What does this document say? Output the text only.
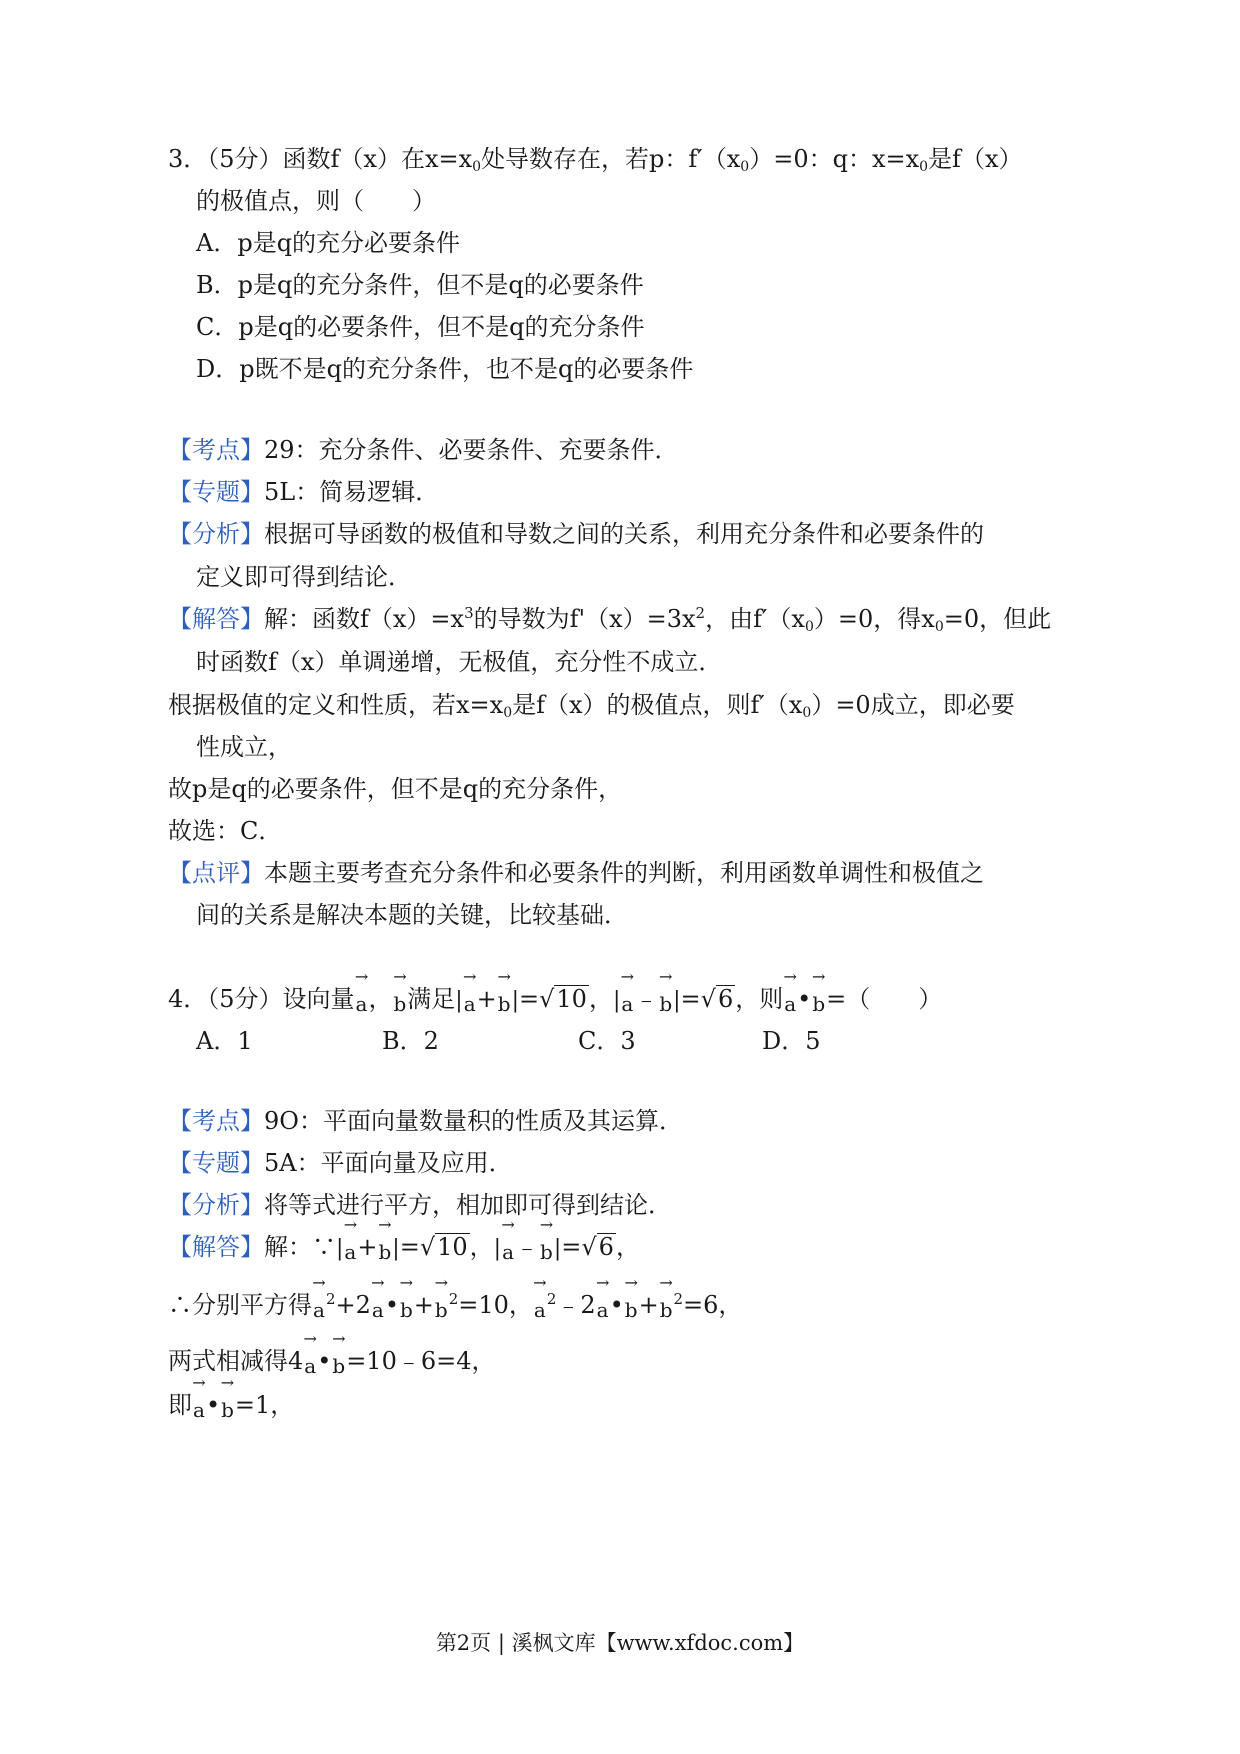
3．（5分）函数f（x）在$x=x_0$处导数存在，若p：$f'(x_0)=0$：q：$x=x_0$是f（x）
的极值点，则（　　）
A．p是q的充分必要条件
B．p是q的充分条件，但不是q的必要条件
C．p是q的必要条件，但不是q的充分条件
D．p既不是q的充分条件，也不是q的必要条件
【考点】29：充分条件、必要条件、充要条件．
【专题】5L：简易逻辑．
【分析】根据可导函数的极值和导数之间的关系，利用充分条件和必要条件的
定义即可得到结论．
【解答】解：函数$f(x)=x^3$的导数为$f'(x)=3x^2$，由$f'(x_0)=0$，得$x_0=0$，但此
时函数f（x）单调递增，无极值，充分性不成立．
根据极值的定义和性质，若$x=x_0$是f（x）的极值点，则$f'(x_0)=0$成立，即必要
性成立，
故p是q的必要条件，但不是q的充分条件，
故选：C．
【点评】本题主要考查充分条件和必要条件的判断，利用函数单调性和极值之
间的关系是解决本题的关键，比较基础．
4．（5分）设向量→ a，→ b满足|→ a+→ b|=√10，|→ a﹣→ b|=√6，则→ a•→ b=（　　）
A．1	B．2	C．3	D．5
【考点】9O：平面向量数量积的性质及其运算．
【专题】5A：平面向量及应用．
【分析】将等式进行平方，相加即可得到结论．
【解答】解：∵|→ a+→ b|=√10，|→ a﹣→ b|=√6，
∴分别平方得→ $a^2+2\to$ a•→ $b+\to b^2=10$，→ $a^2﹣2\to$ a•→ $b+\to b^2=6$，
两式相减得4→ a•→ b=10﹣6=4，
即→ a•→ b=1，
第2页 | 溪枫文库【www.xfdoc.com】
